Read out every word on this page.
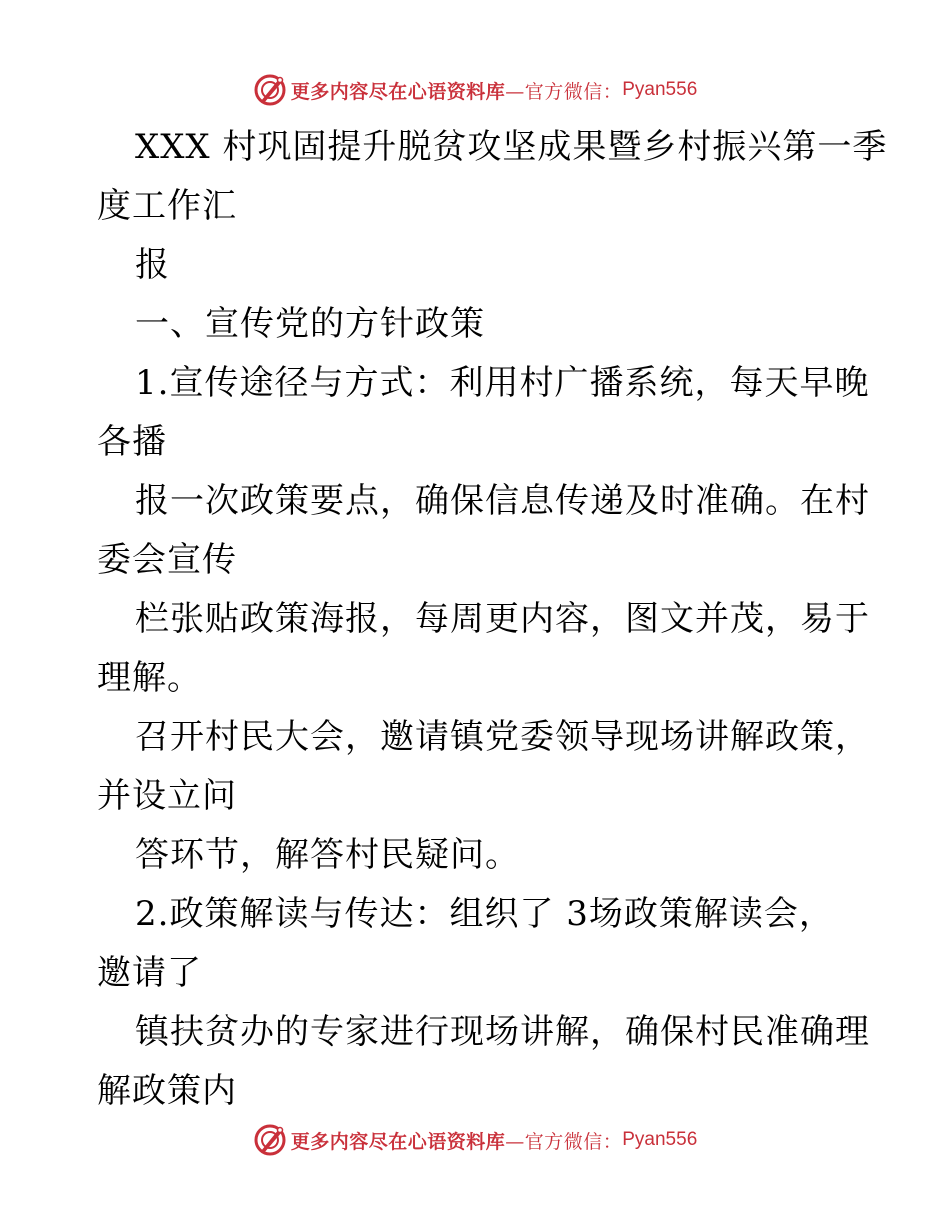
更多内容尽在心语资料库 —官方微信： Pyan556
XXX 村巩固提升脱贫攻坚成果暨乡村振兴第一季
度工作汇
报
一、宣传党的方针政策
1.宣传途径与方式：利用村广播系统，每天早晚
各播
报一次政策要点，确保信息传递及时准确。在村
委会宣传
栏张贴政策海报，每周更内容，图文并茂，易于
理解。
召开村民大会，邀请镇党委领导现场讲解政策，
并设立问
答环节，解答村民疑问。
2.政策解读与传达：组织了 3场政策解读会，
邀请了
镇扶贫办的专家进行现场讲解，确保村民准确理
解政策内
更多内容尽在心语资料库 —官方微信： Pyan556
